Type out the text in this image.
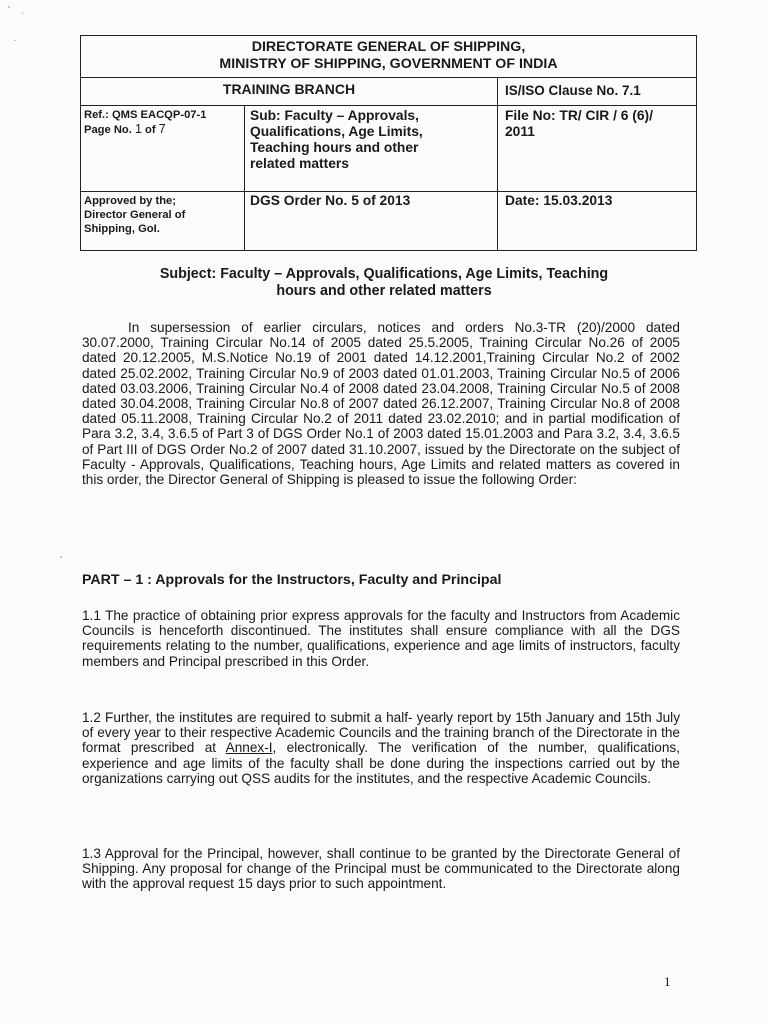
DIRECTORATE GENERAL OF SHIPPING,
MINISTRY OF SHIPPING, GOVERNMENT OF INDIA
TRAINING BRANCH	IS/ISO Clause No. 7.1
Ref.: QMS EACQP-07-1
Page No. 1 of 7
Sub: Faculty – Approvals,
Qualifications, Age Limits,
Teaching hours and other
related matters
File No: TR/ CIR / 6 (6)/
2011
Approved by the;
Director General of
Shipping, GoI.
DGS Order No. 5 of 2013	Date: 15.03.2013
Subject: Faculty – Approvals, Qualifications, Age Limits, Teaching
hours and other related matters
In supersession of earlier circulars, notices and orders No.3-TR (20)/2000 dated 30.07.2000, Training Circular No.14 of 2005 dated 25.5.2005, Training Circular No.26 of 2005 dated 20.12.2005, M.S.Notice No.19 of 2001 dated 14.12.2001,Training Circular No.2 of 2002 dated 25.02.2002, Training Circular No.9 of 2003 dated 01.01.2003, Training Circular No.5 of 2006 dated 03.03.2006, Training Circular No.4 of 2008 dated 23.04.2008, Training Circular No.5 of 2008 dated 30.04.2008, Training Circular No.8 of 2007 dated 26.12.2007, Training Circular No.8 of 2008 dated 05.11.2008, Training Circular No.2 of 2011 dated 23.02.2010; and in partial modification of Para 3.2, 3.4, 3.6.5 of Part 3 of DGS Order No.1 of 2003 dated 15.01.2003 and Para 3.2, 3.4, 3.6.5 of Part III of DGS Order No.2 of 2007 dated 31.10.2007, issued by the Directorate on the subject of Faculty - Approvals, Qualifications, Teaching hours, Age Limits and related matters as covered in this order, the Director General of Shipping is pleased to issue the following Order:
PART – 1 : Approvals for the Instructors, Faculty and Principal
1.1 The practice of obtaining prior express approvals for the faculty and Instructors from Academic Councils is henceforth discontinued. The institutes shall ensure compliance with all the DGS requirements relating to the number, qualifications, experience and age limits of instructors, faculty members and Principal prescribed in this Order.
1.2 Further, the institutes are required to submit a half- yearly report by 15th January and 15th July of every year to their respective Academic Councils and the training branch of the Directorate in the format prescribed at Annex-I, electronically. The verification of the number, qualifications, experience and age limits of the faculty shall be done during the inspections carried out by the organizations carrying out QSS audits for the institutes, and the respective Academic Councils.
1.3 Approval for the Principal, however, shall continue to be granted by the Directorate General of Shipping. Any proposal for change of the Principal must be communicated to the Directorate along with the approval request 15 days prior to such appointment.
1
